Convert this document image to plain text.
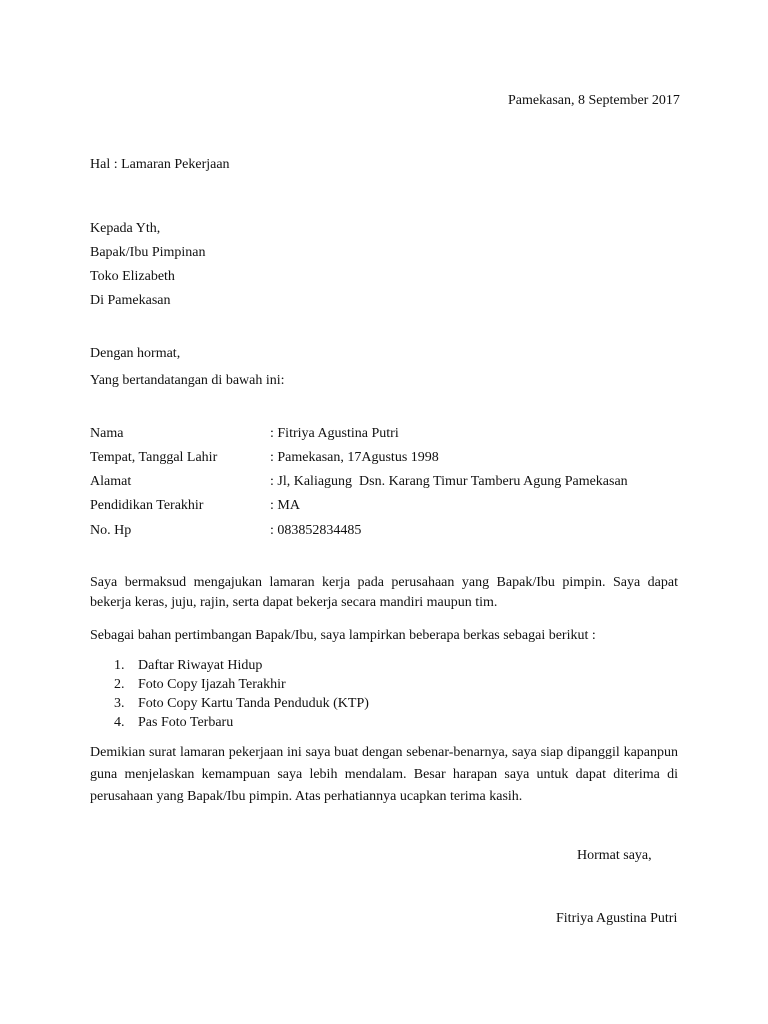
Pamekasan, 8 September 2017
Hal : Lamaran Pekerjaan
Kepada Yth,
Bapak/Ibu Pimpinan
Toko Elizabeth
Di Pamekasan
Dengan hormat,
Yang bertandatangan di bawah ini:
Nama	: Fitriya Agustina Putri
Tempat, Tanggal Lahir	: Pamekasan, 17Agustus 1998
Alamat	: Jl, Kaliagung  Dsn. Karang Timur Tamberu Agung Pamekasan
Pendidikan Terakhir	: MA
No. Hp	: 083852834485
Saya bermaksud mengajukan lamaran kerja pada perusahaan yang Bapak/Ibu pimpin. Saya dapat bekerja keras, juju, rajin, serta dapat bekerja secara mandiri maupun tim.
Sebagai bahan pertimbangan Bapak/Ibu, saya lampirkan beberapa berkas sebagai berikut :
1. Daftar Riwayat Hidup
2. Foto Copy Ijazah Terakhir
3. Foto Copy Kartu Tanda Penduduk (KTP)
4. Pas Foto Terbaru
Demikian surat lamaran pekerjaan ini saya buat dengan sebenar-benarnya, saya siap dipanggil kapanpun guna menjelaskan kemampuan saya lebih mendalam. Besar harapan saya untuk dapat diterima di perusahaan yang Bapak/Ibu pimpin. Atas perhatiannya ucapkan terima kasih.
Hormat saya,
Fitriya Agustina Putri
